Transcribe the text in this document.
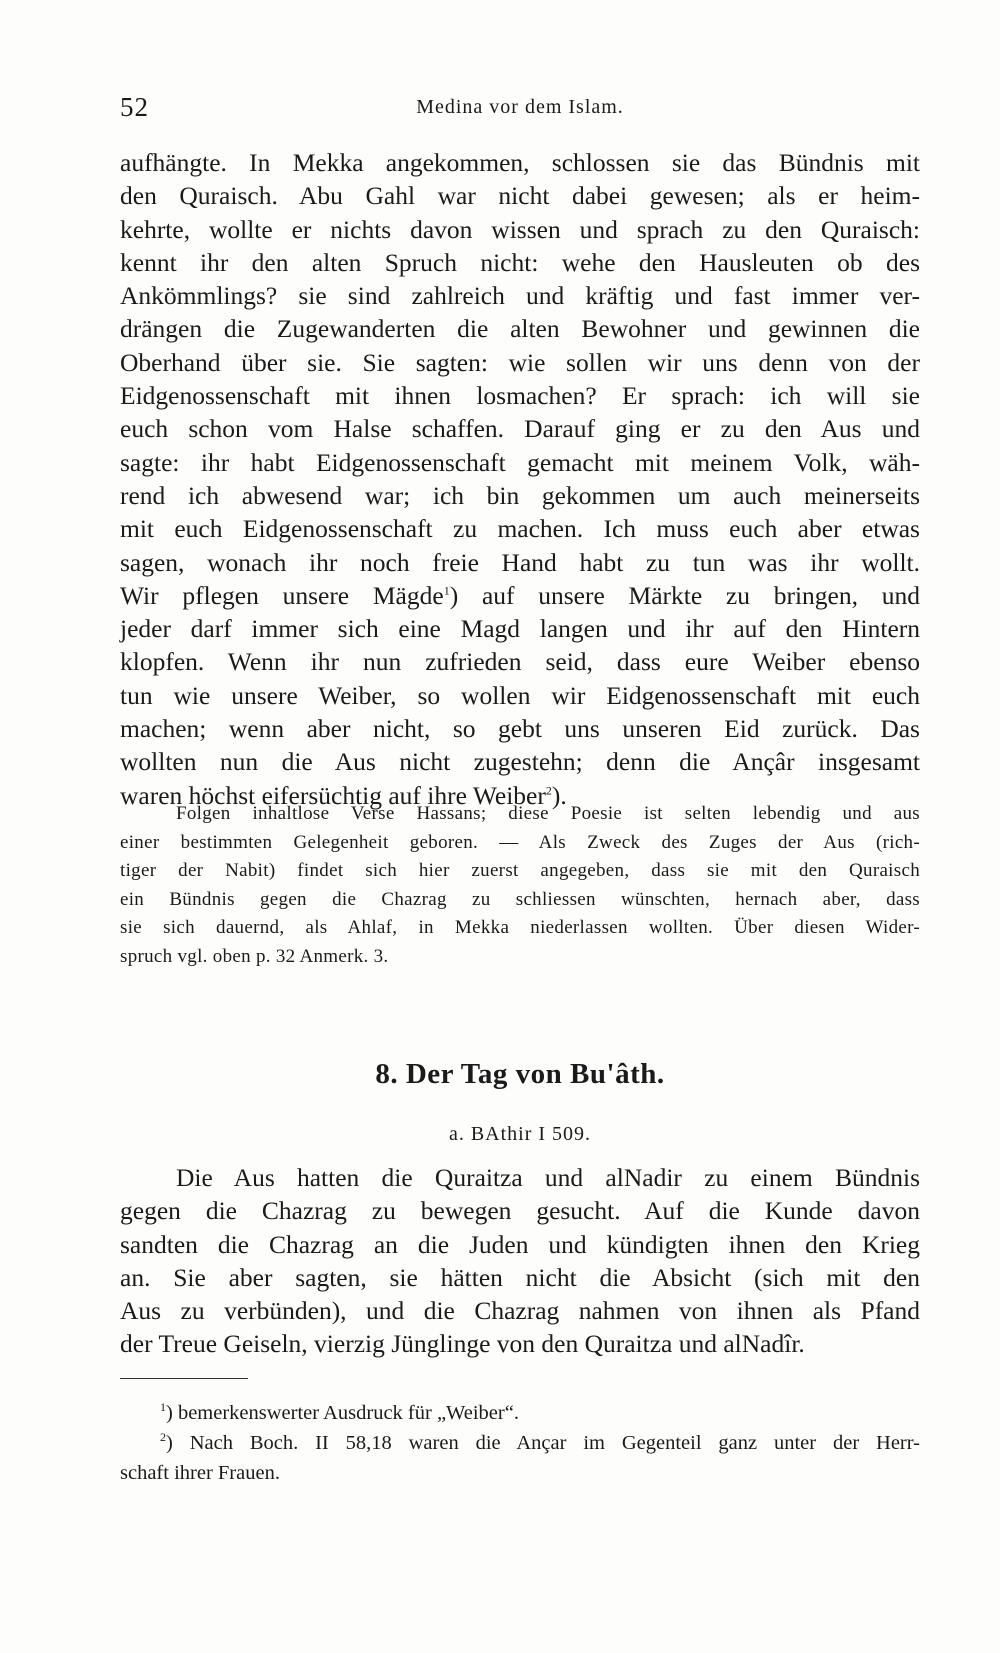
52	Medina vor dem Islam.
aufhängte. In Mekka angekommen, schlossen sie das Bündnis mit
den Quraisch. Abu Gahl war nicht dabei gewesen; als er heim-
kehrte, wollte er nichts davon wissen und sprach zu den Quraisch:
kennt ihr den alten Spruch nicht: wehe den Hausleuten ob des
Ankömmlings? sie sind zahlreich und kräftig und fast immer ver-
drängen die Zugewanderten die alten Bewohner und gewinnen die
Oberhand über sie. Sie sagten: wie sollen wir uns denn von der
Eidgenossenschaft mit ihnen losmachen? Er sprach: ich will sie
euch schon vom Halse schaffen. Darauf ging er zu den Aus und
sagte: ihr habt Eidgenossenschaft gemacht mit meinem Volk, wäh-
rend ich abwesend war; ich bin gekommen um auch meinerseits
mit euch Eidgenossenschaft zu machen. Ich muss euch aber etwas
sagen, wonach ihr noch freie Hand habt zu tun was ihr wollt.
Wir pflegen unsere Mägde$^1$) auf unsere Märkte zu bringen, und
jeder darf immer sich eine Magd langen und ihr auf den Hintern
klopfen. Wenn ihr nun zufrieden seid, dass eure Weiber ebenso
tun wie unsere Weiber, so wollen wir Eidgenossenschaft mit euch
machen; wenn aber nicht, so gebt uns unseren Eid zurück. Das
wollten nun die Aus nicht zugestehn; denn die Ançâr insgesamt
waren höchst eifersüchtig auf ihre Weiber$^2$).
Folgen inhaltlose Verse Hassans; diese Poesie ist selten lebendig und aus
einer bestimmten Gelegenheit geboren. — Als Zweck des Zuges der Aus (rich-
tiger der Nabit) findet sich hier zuerst angegeben, dass sie mit den Quraisch
ein Bündnis gegen die Chazrag zu schliessen wünschten, hernach aber, dass
sie sich dauernd, als Ahlaf, in Mekka niederlassen wollten. Über diesen Wider-
spruch vgl. oben p. 32 Anmerk. 3.
8. Der Tag von Bu'âth.
a. BAthir I 509.
Die Aus hatten die Quraitza und alNadir zu einem Bündnis
gegen die Chazrag zu bewegen gesucht. Auf die Kunde davon
sandten die Chazrag an die Juden und kündigten ihnen den Krieg
an. Sie aber sagten, sie hätten nicht die Absicht (sich mit den
Aus zu verbünden), und die Chazrag nahmen von ihnen als Pfand
der Treue Geiseln, vierzig Jünglinge von den Quraitza und alNadîr.
$^1$) bemerkenswerter Ausdruck für „Weiber“.
$^2$) Nach Boch. II 58,18 waren die Ançar im Gegenteil ganz unter der Herr-
schaft ihrer Frauen.
